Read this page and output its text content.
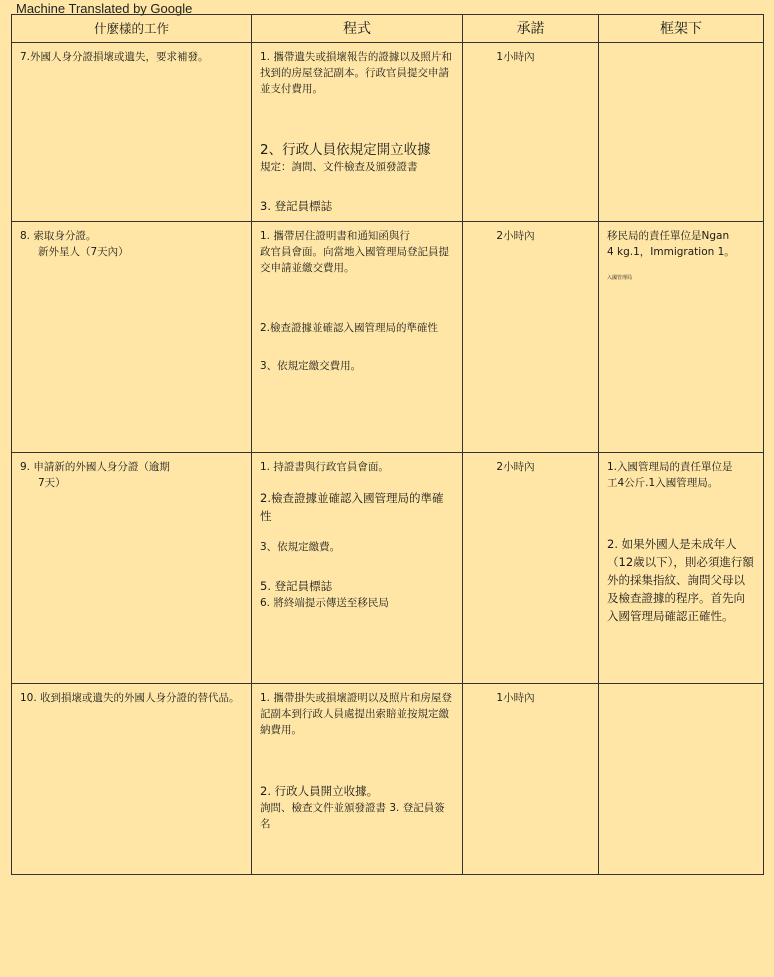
Machine Translated by Google
什麼樣的工作	程式	承諾	框架下

7.外國人身分證損壞或遺失，要求補發。	1. 攜帶遺失或損壞報告的證據以及照片和找到的房屋登記副本。行政官員提交申請並支付費用。
2、行政人員依規定開立收據
規定：詢問、文件檢查及頒發證書
3. 登記員標誌	1小時內	

8. 索取身分證。
新外星人（7天內）	1. 攜帶居住證明書和通知函與行
政官員會面。向當地入國管理局登記員提交申請並繳交費用。
2.檢查證據並確認入國管理局的準確性
3、依規定繳交費用。	2小時內	移民局的責任單位是Ngan
4 kg.1，Immigration 1。
入國管理局

9. 申請新的外國人身分證（逾期
7天）	1. 持證書與行政官員會面。
2.檢查證據並確認入國管理局的準確性
3、依規定繳費。
5. 登記員標誌
6. 將終端提示傳送至移民局	2小時內	1.入國管理局的責任單位是
工4公斤.1入國管理局。
2. 如果外國人是未成年人（12歲以下），則必須進行額外的採集指紋、詢問父母以及檢查證據的程序。首先向入國管理局確認正確性。

10. 收到損壞或遺失的外國人身分證的替代品。	1. 攜帶掛失或損壞證明以及照片和房屋登記副本到行政人員處提出索賠並按規定繳納費用。
2. 行政人員開立收據。
詢問、檢查文件並頒發證書 3. 登記員簽名	1小時內	
